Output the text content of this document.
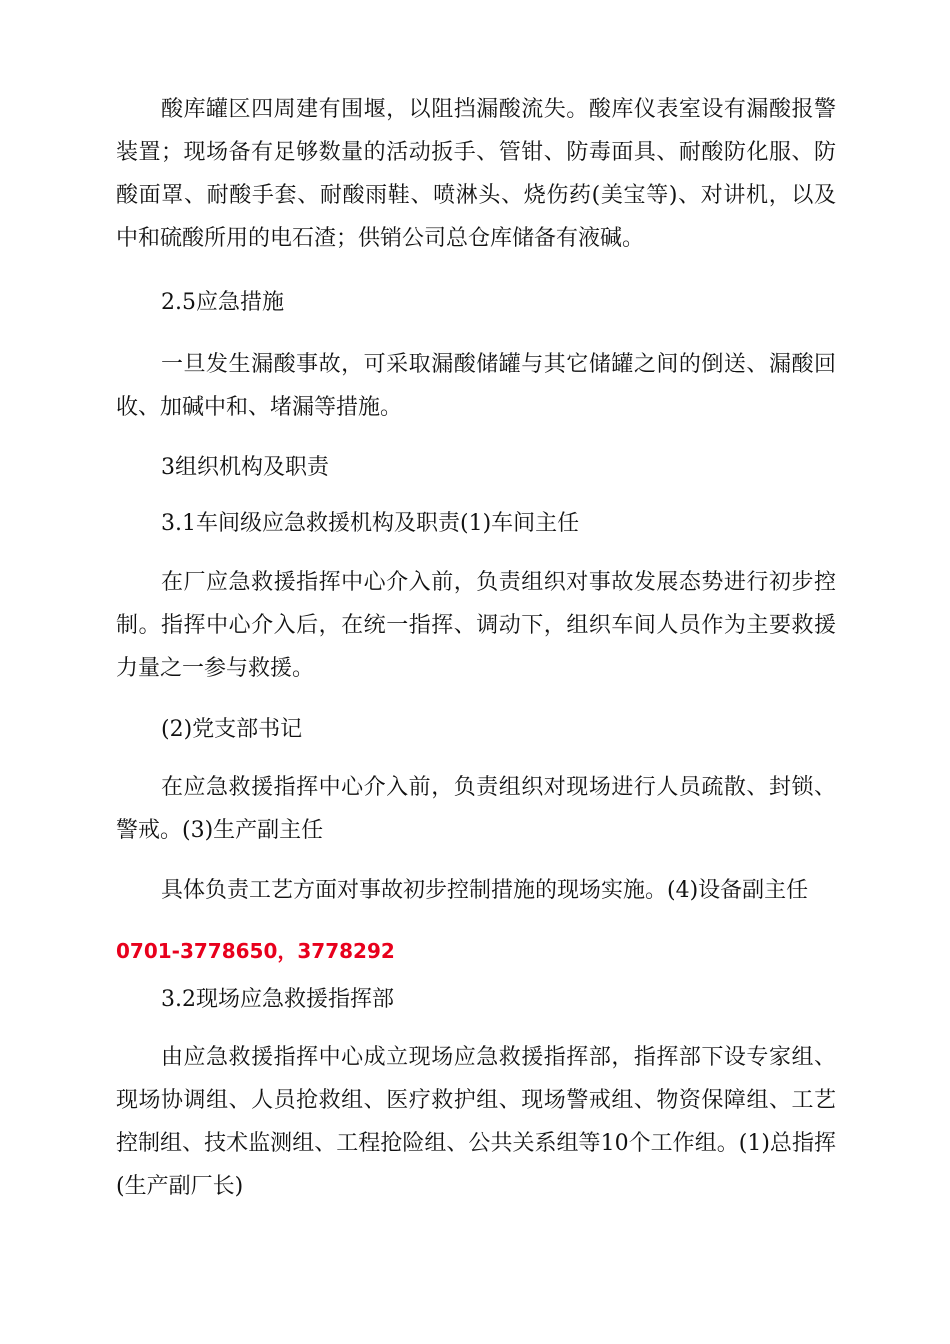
酸库罐区四周建有围堰，以阻挡漏酸流失。酸库仪表室设有漏酸报警装置；现场备有足够数量的活动扳手、管钳、防毒面具、耐酸防化服、防酸面罩、耐酸手套、耐酸雨鞋、喷淋头、烧伤药(美宝等)、对讲机，以及中和硫酸所用的电石渣；供销公司总仓库储备有液碱。

2.5应急措施

一旦发生漏酸事故，可采取漏酸储罐与其它储罐之间的倒送、漏酸回收、加碱中和、堵漏等措施。

3组织机构及职责

3.1车间级应急救援机构及职责(1)车间主任

在厂应急救援指挥中心介入前，负责组织对事故发展态势进行初步控制。指挥中心介入后，在统一指挥、调动下，组织车间人员作为主要救援力量之一参与救援。

(2)党支部书记

在应急救援指挥中心介入前，负责组织对现场进行人员疏散、封锁、警戒。(3)生产副主任

具体负责工艺方面对事故初步控制措施的现场实施。(4)设备副主任

0701-3778650，3778292

3.2现场应急救援指挥部

由应急救援指挥中心成立现场应急救援指挥部，指挥部下设专家组、现场协调组、人员抢救组、医疗救护组、现场警戒组、物资保障组、工艺控制组、技术监测组、工程抢险组、公共关系组等10个工作组。(1)总指挥(生产副厂长)
